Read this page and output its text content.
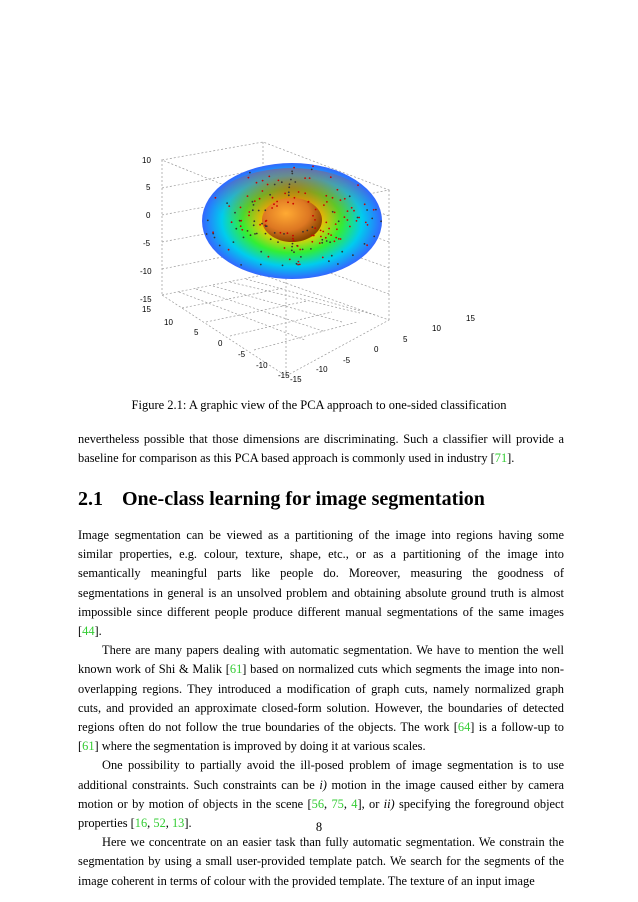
10
5
0
-5
-10
-15
15
10
5
0
-5
-10
-15 -15
-10
-5
0
5
10
15
Figure 2.1: A graphic view of the PCA approach to one-sided classification

nevertheless possible that those dimensions are discriminating. Such a classifier will provide a baseline for comparison as this PCA based approach is commonly used in industry [71].

2.1 One-class learning for image segmentation

Image segmentation can be viewed as a partitioning of the image into regions having some similar properties, e.g. colour, texture, shape, etc., or as a partitioning of the image into semantically meaningful parts like people do. Moreover, measuring the goodness of segmentations in general is an unsolved problem and obtaining absolute ground truth is almost impossible since different people produce different manual segmentations of the same images [44].

There are many papers dealing with automatic segmentation. We have to mention the well known work of Shi & Malik [61] based on normalized cuts which segments the image into non-overlapping regions. They introduced a modification of graph cuts, namely normalized graph cuts, and provided an approximate closed-form solution. However, the boundaries of detected regions often do not follow the true boundaries of the objects. The work [64] is a follow-up to [61] where the segmentation is improved by doing it at various scales.

One possibility to partially avoid the ill-posed problem of image segmentation is to use additional constraints. Such constraints can be i) motion in the image caused either by camera motion or by motion of objects in the scene [56, 75, 4], or ii) specifying the foreground object properties [16, 52, 13].

Here we concentrate on an easier task than fully automatic segmentation. We constrain the segmentation by using a small user-provided template patch. We search for the segments of the image coherent in terms of colour with the provided template. The texture of an input image

8
